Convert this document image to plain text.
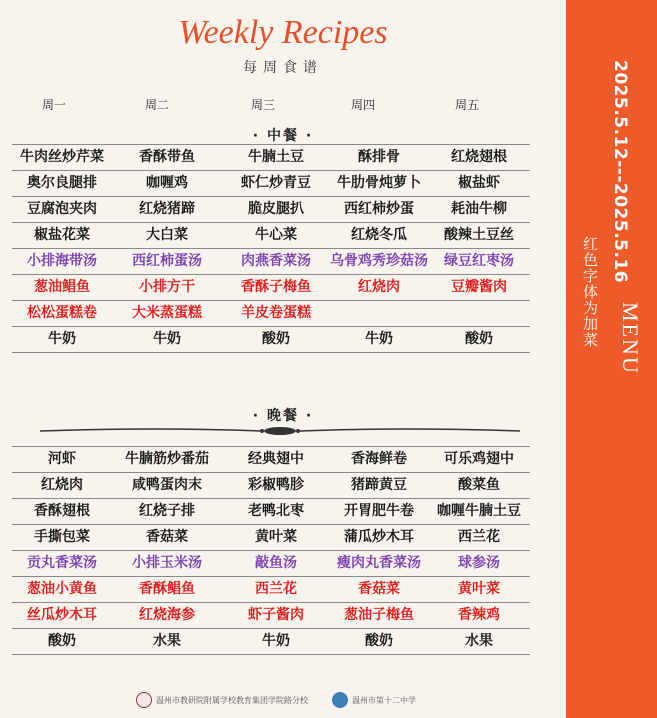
Weekly Recipes
每周食谱
周一	周二	周三	周四	周五
· 中餐 ·
牛肉丝炒芹菜	香酥带鱼	牛腩土豆	酥排骨	红烧翅根
奥尔良腿排	咖喱鸡	虾仁炒青豆	牛肋骨炖萝卜	椒盐虾
豆腐泡夹肉	红烧猪蹄	脆皮腿扒	西红柿炒蛋	耗油牛柳
椒盐花菜	大白菜	牛心菜	红烧冬瓜	酸辣土豆丝
小排海带汤	西红柿蛋汤	肉燕香菜汤	乌骨鸡秀珍菇汤	绿豆红枣汤
葱油鲳鱼	小排方干	香酥子梅鱼	红烧肉	豆瓣酱肉
松松蛋糕卷	大米蒸蛋糕	羊皮卷蛋糕
牛奶	牛奶	酸奶	牛奶	酸奶
· 晚餐 ·
河虾	牛腩筋炒番茄	经典翅中	香海鲜卷	可乐鸡翅中
红烧肉	咸鸭蛋肉末	彩椒鸭胗	猪蹄黄豆	酸菜鱼
香酥翅根	红烧子排	老鸭北枣	开胃肥牛卷	咖喱牛腩土豆
手撕包菜	香菇菜	黄叶菜	蒲瓜炒木耳	西兰花
贡丸香菜汤	小排玉米汤	敲鱼汤	瘦肉丸香菜汤	球参汤
葱油小黄鱼	香酥鲳鱼	西兰花	香菇菜	黄叶菜
丝瓜炒木耳	红烧海参	虾子酱肉	葱油子梅鱼	香辣鸡
酸奶	水果	牛奶	酸奶	水果
温州市教研院附属学校教育集团学院路分校	温州市第十二中学
2025.5.12---2025.5.16
红色字体为加菜 MENU
